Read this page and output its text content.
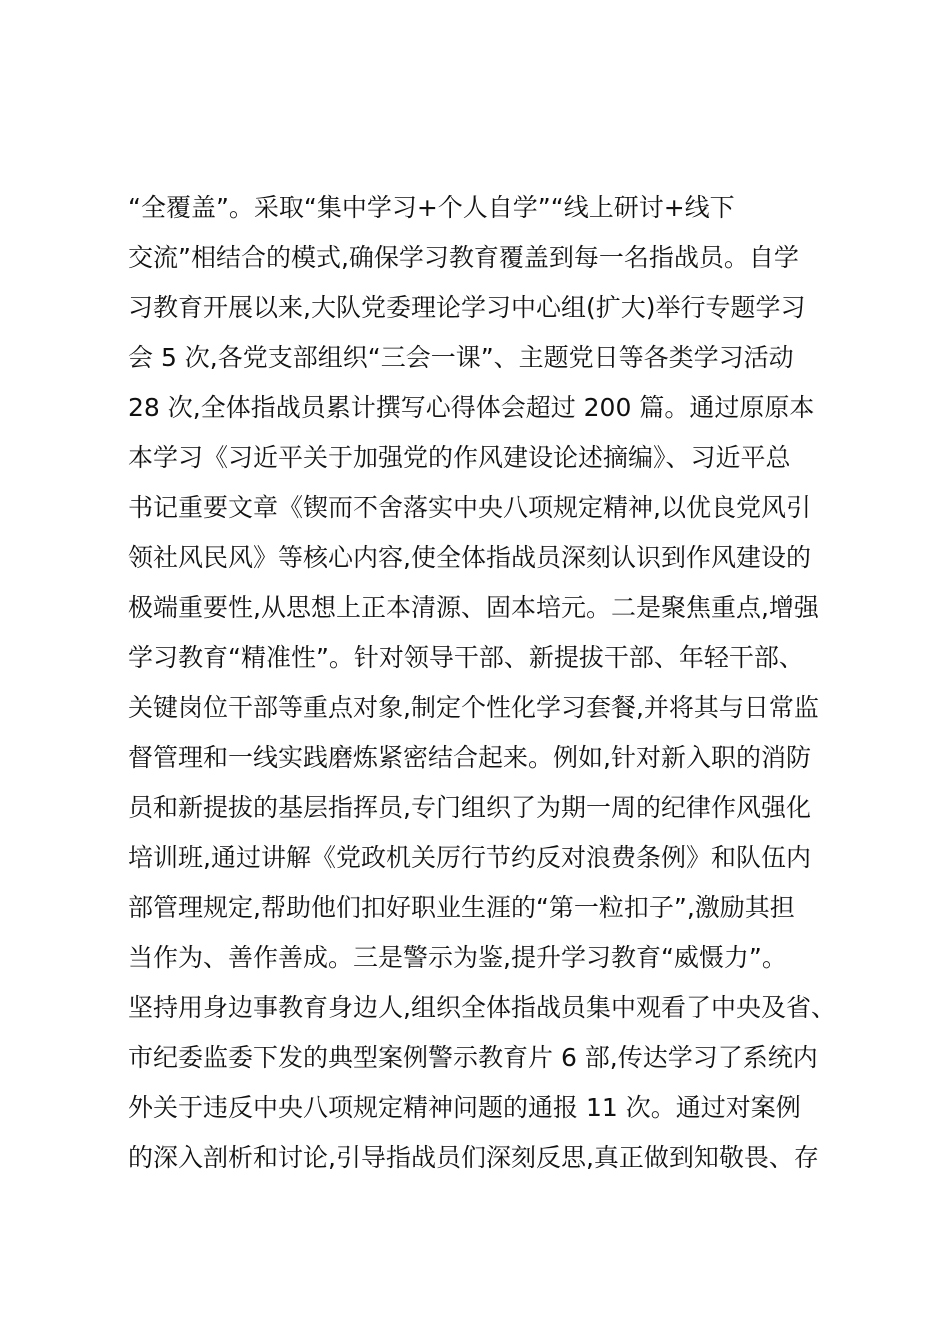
“全覆盖”。采取“集中学习+个人自学”“线上研讨+线下
交流”相结合的模式,确保学习教育覆盖到每一名指战员。自学
习教育开展以来,大队党委理论学习中心组(扩大)举行专题学习
会 5 次,各党支部组织“三会一课”、主题党日等各类学习活动
28 次,全体指战员累计撰写心得体会超过 200 篇。通过原原本
本学习《习近平关于加强党的作风建设论述摘编》、习近平总
书记重要文章《锲而不舍落实中央八项规定精神,以优良党风引
领社风民风》等核心内容,使全体指战员深刻认识到作风建设的
极端重要性,从思想上正本清源、固本培元。二是聚焦重点,增强
学习教育“精准性”。针对领导干部、新提拔干部、年轻干部、
关键岗位干部等重点对象,制定个性化学习套餐,并将其与日常监
督管理和一线实践磨炼紧密结合起来。例如,针对新入职的消防
员和新提拔的基层指挥员,专门组织了为期一周的纪律作风强化
培训班,通过讲解《党政机关厉行节约反对浪费条例》和队伍内
部管理规定,帮助他们扣好职业生涯的“第一粒扣子”,激励其担
当作为、善作善成。三是警示为鉴,提升学习教育“威慑力”。
坚持用身边事教育身边人,组织全体指战员集中观看了中央及省、
市纪委监委下发的典型案例警示教育片 6 部,传达学习了系统内
外关于违反中央八项规定精神问题的通报 11 次。通过对案例
的深入剖析和讨论,引导指战员们深刻反思,真正做到知敬畏、存
